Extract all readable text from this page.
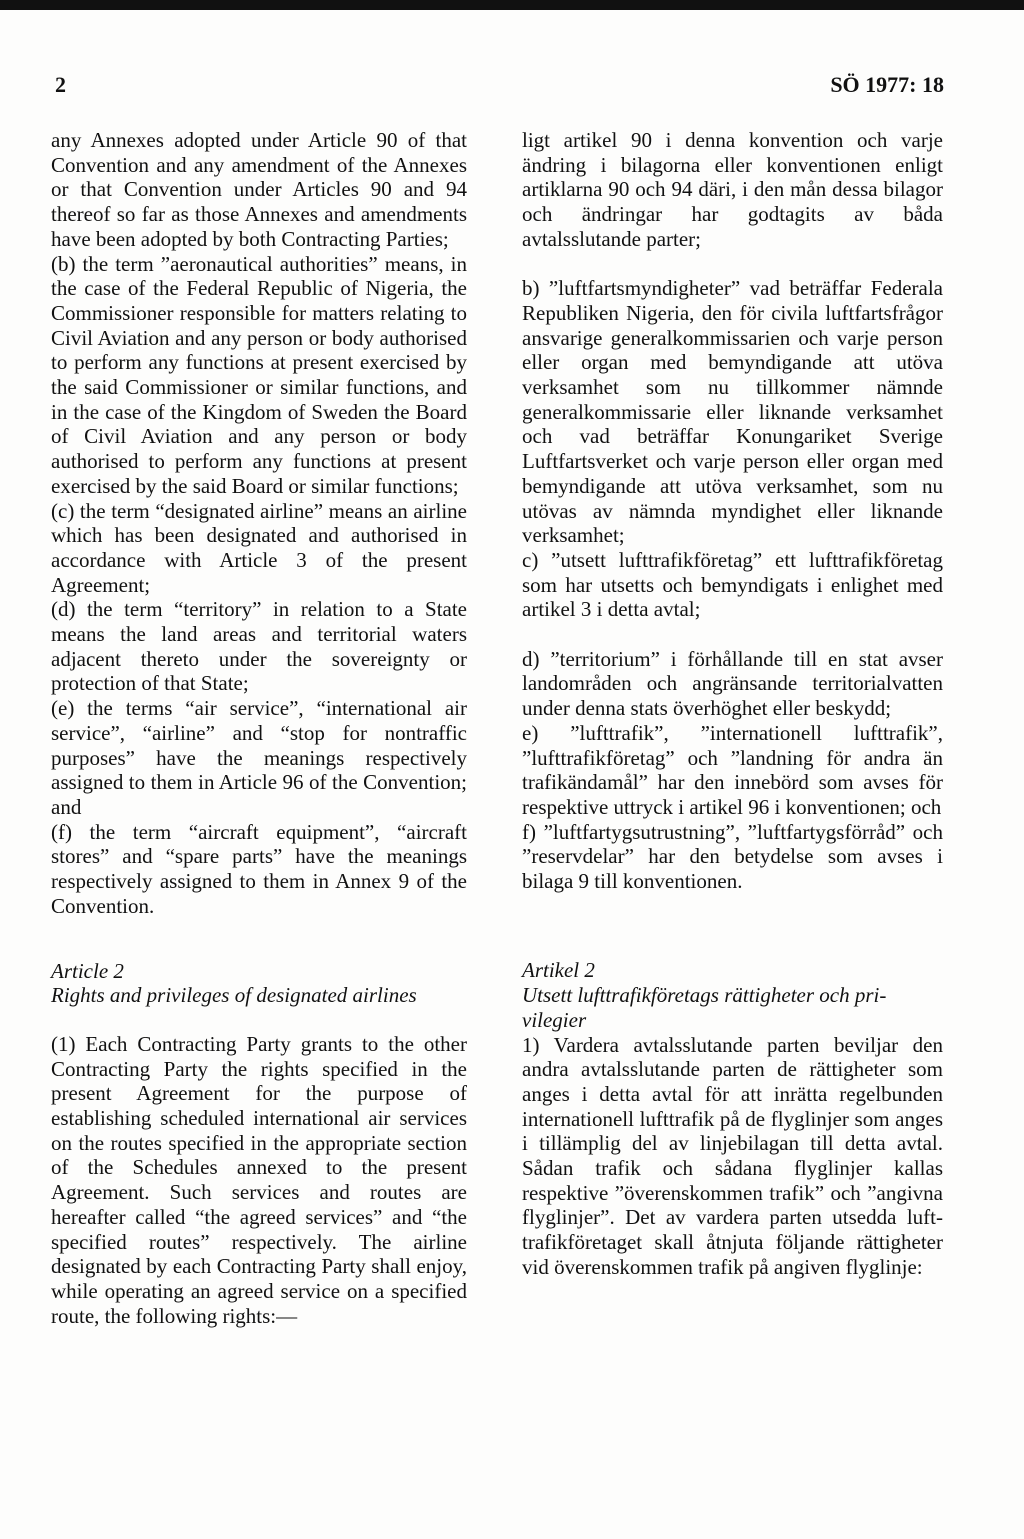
2	SÖ 1977: 18

any Annexes adopted under Article 90 of that Convention and any amendment of the Annexes or that Convention under Articles 90 and 94 thereof so far as those Annexes and amendments have been adopted by both Contracting Parties;

(b) the term ”aeronautical authorities” means, in the case of the Federal Republic of Nigeria, the Commissioner responsible for matters relating to Civil Aviation and any person or body authorised to perform any functions at present exercised by the said Commissioner or similar functions, and in the case of the Kingdom of Sweden the Board of Civil Aviation and any person or body authorised to perform any functions at present exercised by the said Board or similar functions;

(c) the term “designated airline” means an airline which has been designated and authorised in accordance with Article 3 of the present Agreement;

(d) the term “territory” in relation to a State means the land areas and territorial waters adjacent thereto under the sovereignty or protection of that State;

(e) the terms “air service”, “international air service”, “airline” and “stop for nontraffic purposes” have the meanings respectively assigned to them in Article 96 of the Convention; and

(f) the term “aircraft equipment”, “aircraft stores” and “spare parts” have the meanings respectively assigned to them in Annex 9 of the Convention.

Article 2

Rights and privileges of designated airlines

(1) Each Contracting Party grants to the other Contracting Party the rights specified in the present Agreement for the purpose of establishing scheduled international air services on the routes specified in the appropriate section of the Schedules annexed to the present Agreement. Such services and routes are hereafter called “the agreed services” and “the specified routes” respectively. The airline designated by each Contracting Party shall enjoy, while operating an agreed service on a specified route, the following rights:—

ligt artikel 90 i denna konvention och varje ändring i bilagorna eller konventionen enligt artiklarna 90 och 94 däri, i den mån dessa bilagor och ändringar har godtagits av båda avtalsslutande parter;

b) ”luftfartsmyndigheter” vad beträffar Federala Republiken Nigeria, den för civila luftfartsfrågor ansvarige generalkommissarien och varje person eller organ med bemyndigande att utöva verksamhet som nu tillkommer nämnde generalkommissarie eller liknande verksamhet och vad beträffar Konungariket Sverige Luftfartsverket och varje person eller organ med bemyndigande att utöva verksamhet, som nu utövas av nämnda myndighet eller liknande verksamhet;

c) ”utsett lufttrafikföretag” ett lufttrafikföretag som har utsetts och bemyndigats i enlighet med artikel 3 i detta avtal;

d) ”territorium” i förhållande till en stat avser landområden och angränsande territorialvatten under denna stats överhöghet eller beskydd;

e) ”lufttrafik”, ”internationell lufttrafik”, ”lufttrafikföretag” och ”landning för andra än trafikändamål” har den innebörd som avses för respektive uttryck i artikel 96 i konventionen; och

f) ”luftfartygsutrustning”, ”luftfartygsförråd” och ”reservdelar” har den betydelse som avses i bilaga 9 till konventionen.

Artikel 2

Utsett lufttrafikföretags rättigheter och privilegier

1) Vardera avtalsslutande parten beviljar den andra avtalsslutande parten de rättigheter som anges i detta avtal för att inrätta regelbunden internationell lufttrafik på de flyglinjer som anges i tillämplig del av linjebilagan till detta avtal. Sådan trafik och sådana flyglinjer kallas respektive ”överenskommen trafik” och ”angivna flyglinjer”. Det av vardera parten utsedda lufttrafikföretaget skall åtnjuta följande rättigheter vid överenskommen trafik på angiven flyglinje:
